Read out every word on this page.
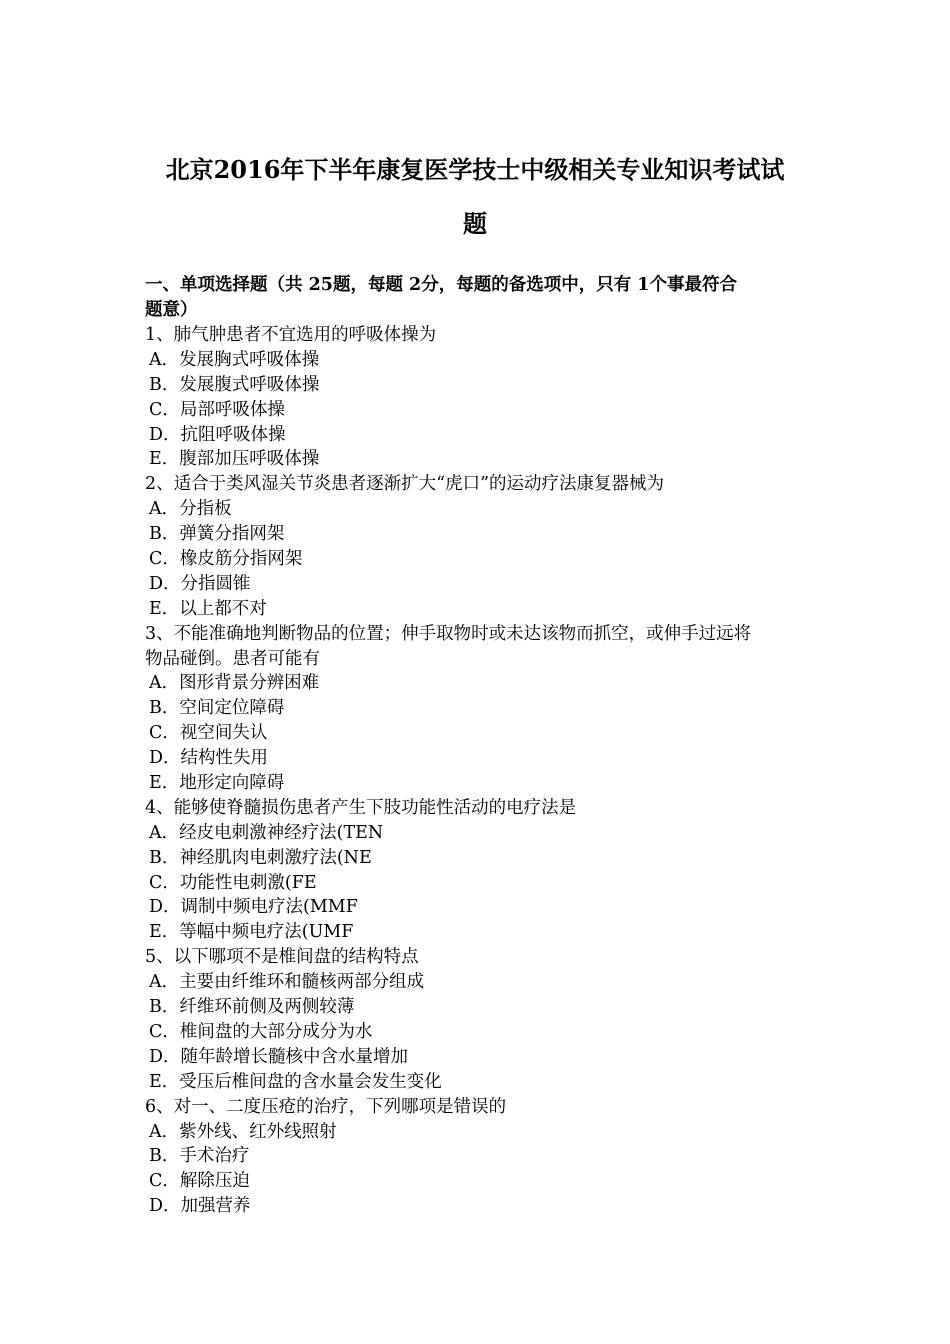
北京2016年下半年康复医学技士中级相关专业知识考试试
题
一、单项选择题（共 25题，每题 2分，每题的备选项中，只有 1个事最符合
题意）
1、肺气肿患者不宜选用的呼吸体操为
A．发展胸式呼吸体操
B．发展腹式呼吸体操
C．局部呼吸体操
D．抗阻呼吸体操
E．腹部加压呼吸体操
2、适合于类风湿关节炎患者逐渐扩大“虎口”的运动疗法康复器械为
A．分指板
B．弹簧分指网架
C．橡皮筋分指网架
D．分指圆锥
E．以上都不对
3、不能准确地判断物品的位置；伸手取物时或未达该物而抓空，或伸手过远将
物品碰倒。患者可能有
A．图形背景分辨困难
B．空间定位障碍
C．视空间失认
D．结构性失用
E．地形定向障碍
4、能够使脊髓损伤患者产生下肢功能性活动的电疗法是
A．经皮电刺激神经疗法(TEN
B．神经肌肉电刺激疗法(NE
C．功能性电刺激(FE
D．调制中频电疗法(MMF
E．等幅中频电疗法(UMF
5、以下哪项不是椎间盘的结构特点
A．主要由纤维环和髓核两部分组成
B．纤维环前侧及两侧较薄
C．椎间盘的大部分成分为水
D．随年龄增长髓核中含水量增加
E．受压后椎间盘的含水量会发生变化
6、对一、二度压疮的治疗，下列哪项是错误的
A．紫外线、红外线照射
B．手术治疗
C．解除压迫
D．加强营养
